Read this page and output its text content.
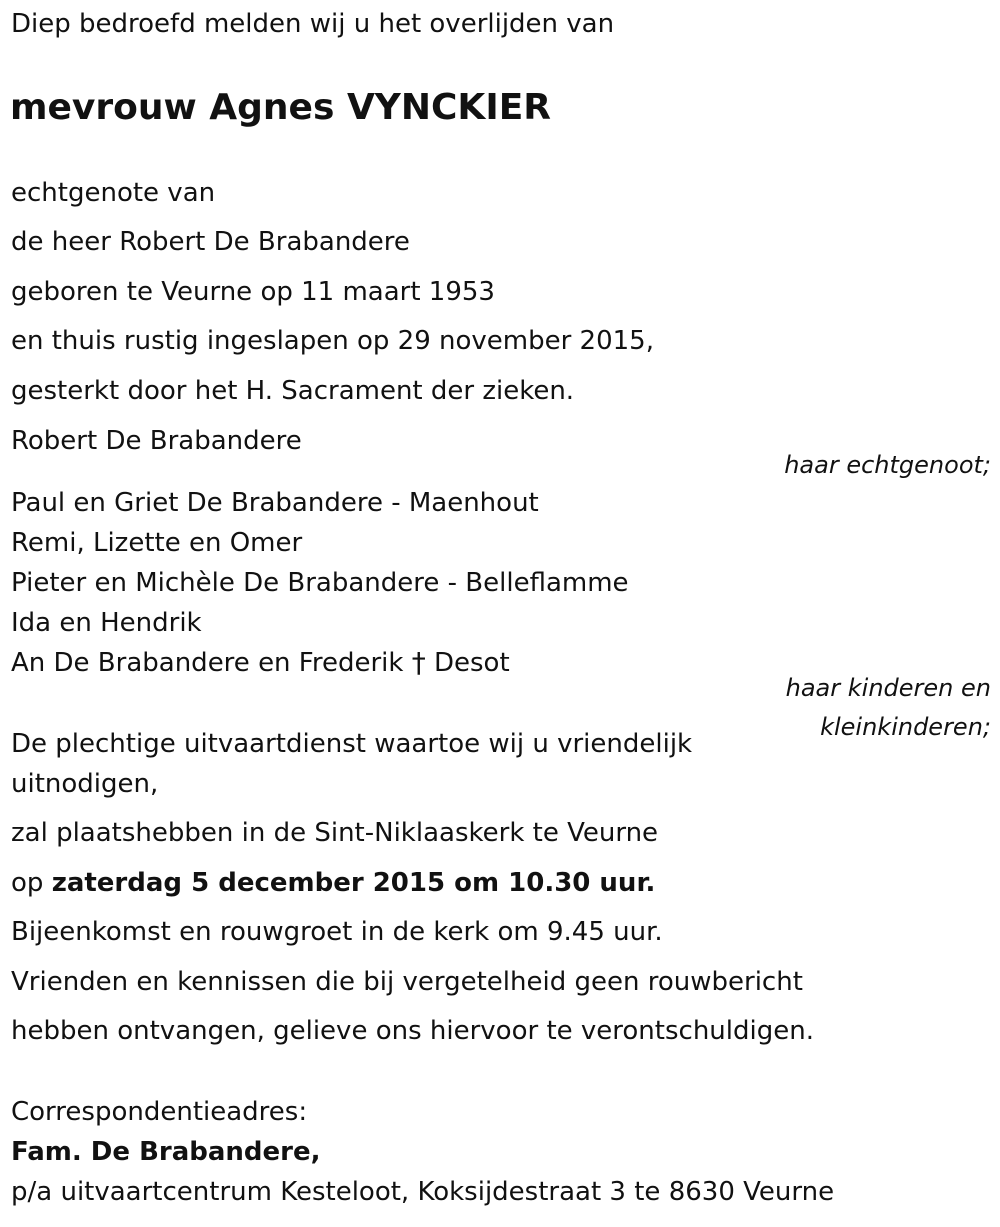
Diep bedroefd melden wij u het overlijden van

mevrouw Agnes VYNCKIER

echtgenote van

de heer Robert De Brabandere

geboren te Veurne op 11 maart 1953

en thuis rustig ingeslapen op 29 november 2015,

gesterkt door het H. Sacrament der zieken.

Robert De Brabandere

haar echtgenoot;

Paul en Griet De Brabandere - Maenhout

Remi, Lizette en Omer

Pieter en Michèle De Brabandere - Belleflamme

Ida en Hendrik

An De Brabandere en Frederik † Desot

haar kinderen en

kleinkinderen;

De plechtige uitvaartdienst waartoe wij u vriendelijk

uitnodigen,

zal plaatshebben in de Sint-Niklaaskerk te Veurne

op zaterdag 5 december 2015 om 10.30 uur.

Bijeenkomst en rouwgroet in de kerk om 9.45 uur.

Vrienden en kennissen die bij vergetelheid geen rouwbericht

hebben ontvangen, gelieve ons hiervoor te verontschuldigen.

Correspondentieadres:

Fam. De Brabandere,

p/a uitvaartcentrum Kesteloot, Koksijdestraat 3 te 8630 Veurne
